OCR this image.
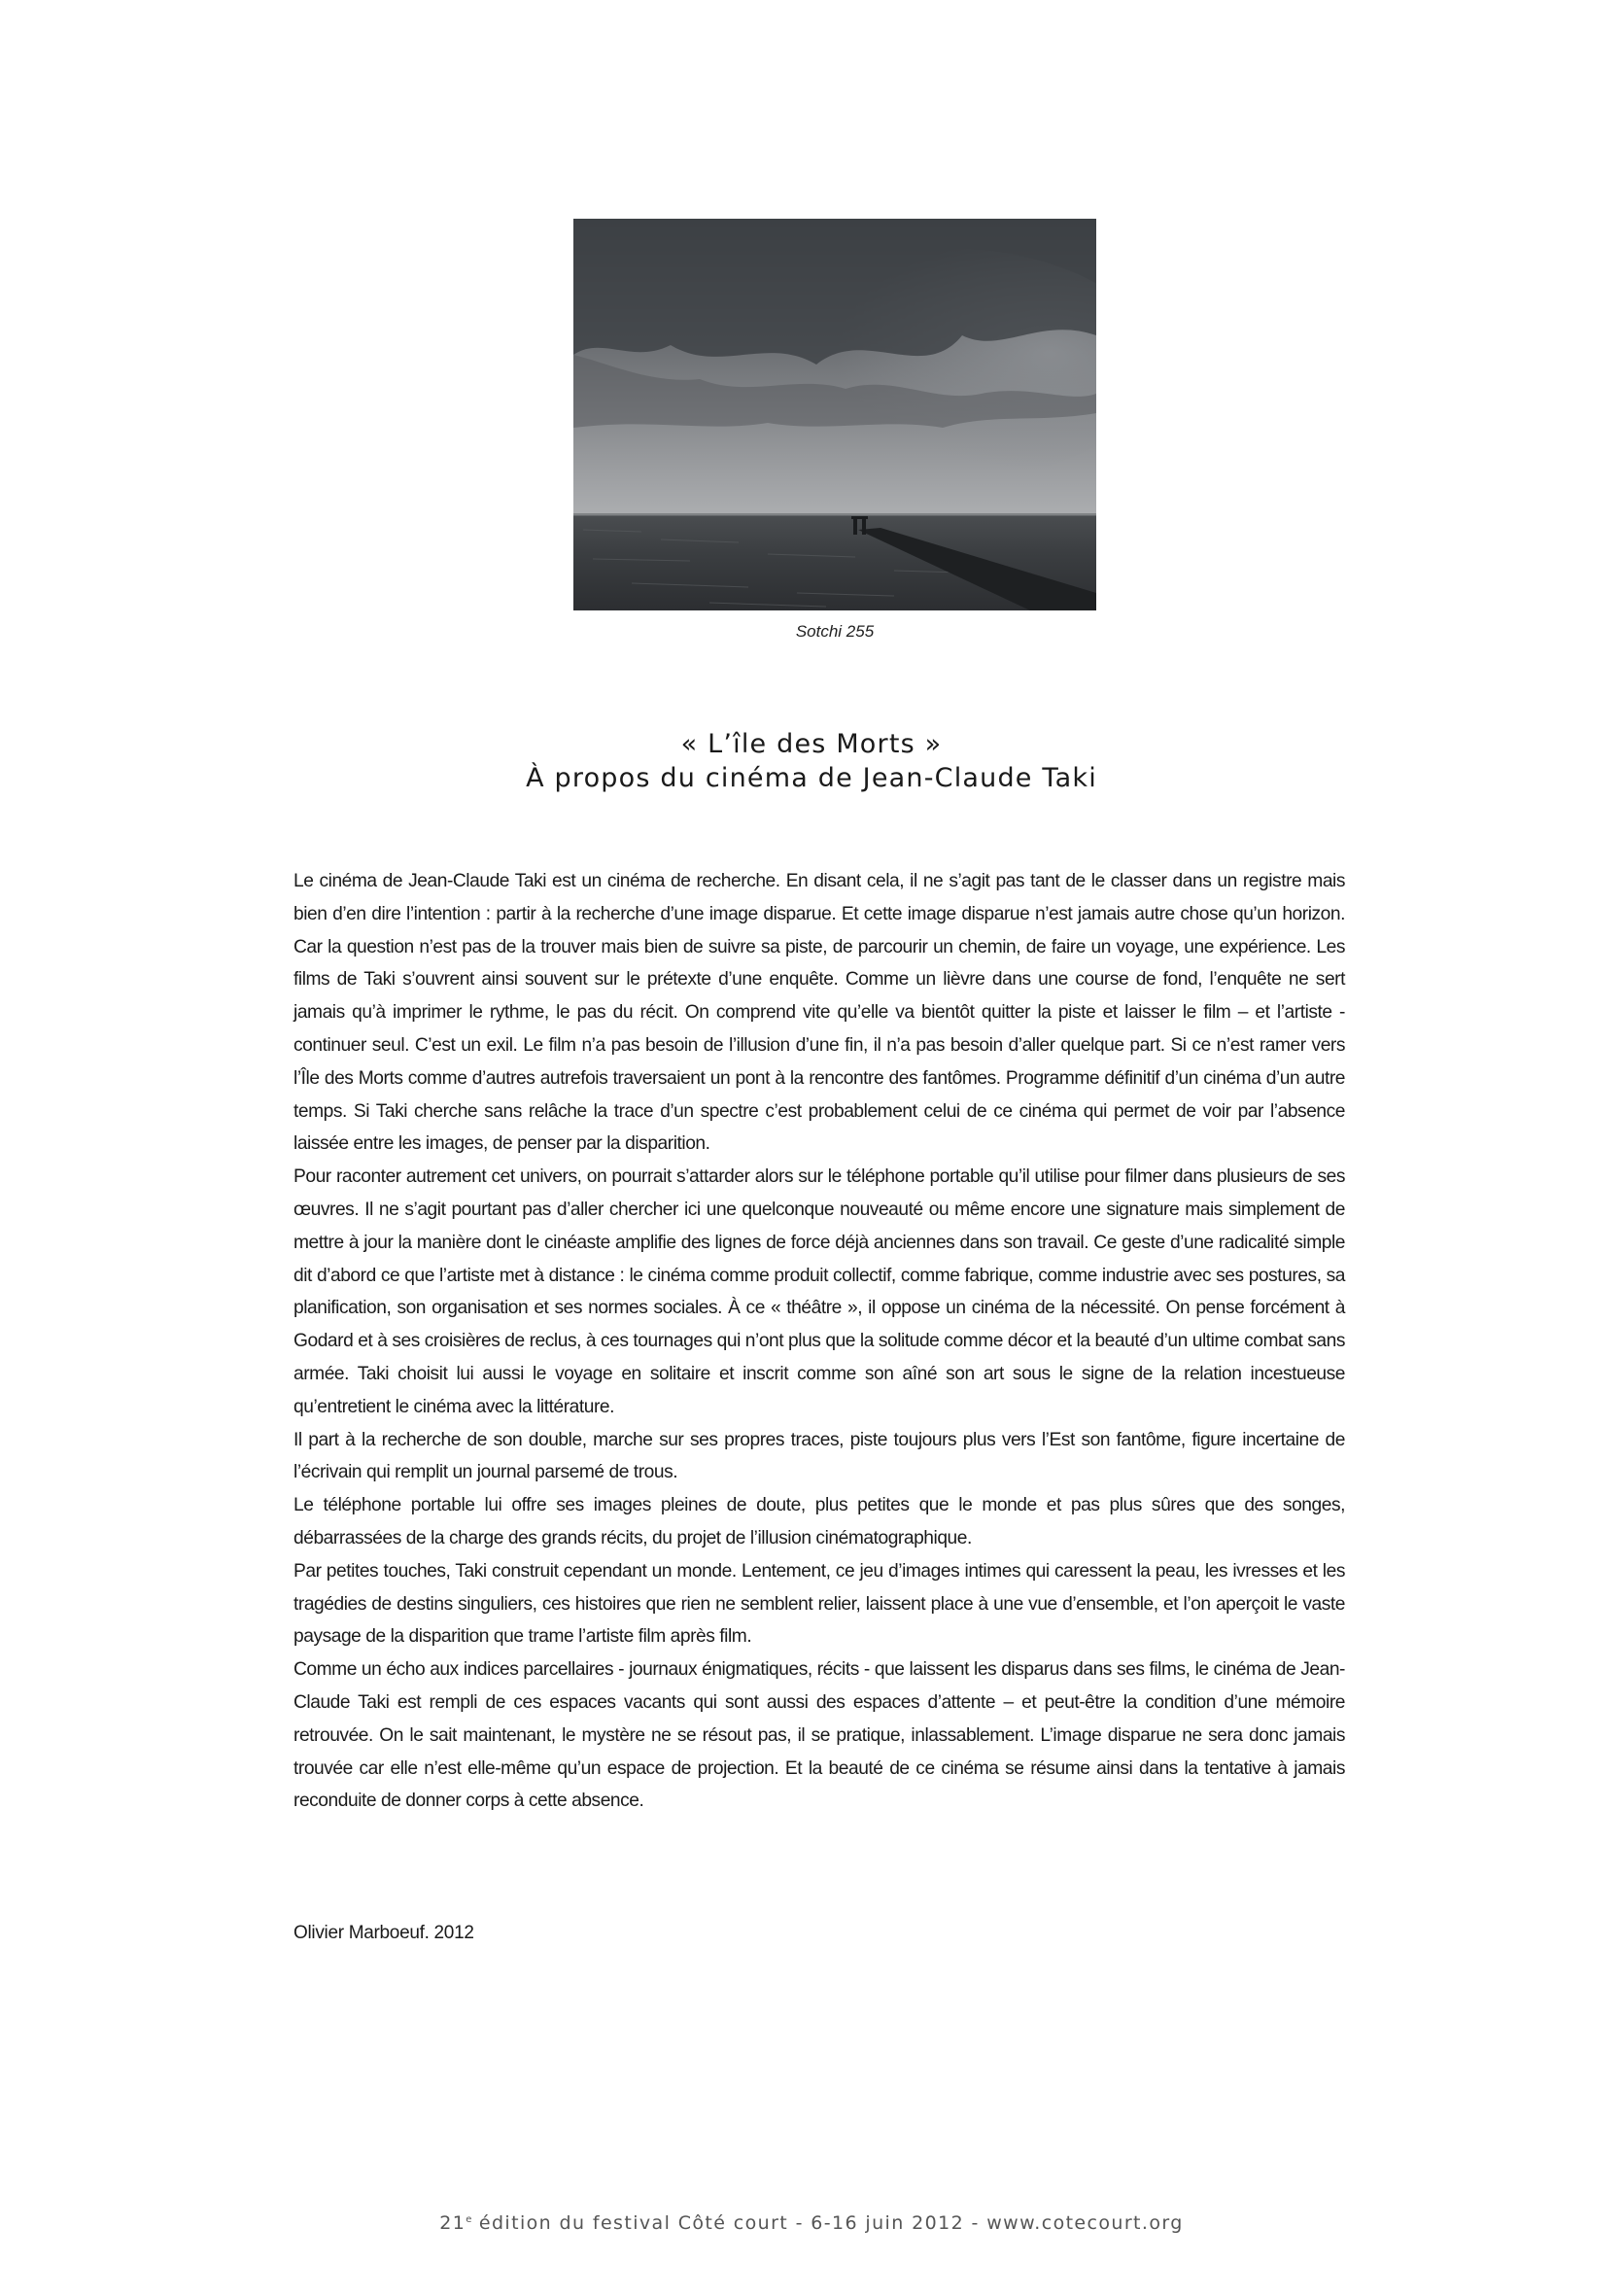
Sotchi 255
« L’île des Morts »
À propos du cinéma de Jean-Claude Taki

Le cinéma de Jean-Claude Taki est un cinéma de recherche. En disant cela, il ne s’agit pas tant de le classer dans un registre mais bien d’en dire l’intention : partir à la recherche d’une image disparue. Et cette image disparue n’est jamais autre chose qu’un horizon. Car la question n’est pas de la trouver mais bien de suivre sa piste, de parcourir un chemin, de faire un voyage, une expérience. Les films de Taki s’ouvrent ainsi souvent sur le prétexte d’une enquête. Comme un lièvre dans une course de fond, l’enquête ne sert jamais qu’à imprimer le rythme, le pas du récit. On comprend vite qu’elle va bientôt quitter la piste et laisser le film – et l’artiste - continuer seul. C’est un exil. Le film n’a pas besoin de l’illusion d’une fin, il n’a pas besoin d’aller quelque part. Si ce n’est ramer vers l’Île des Morts comme d’autres autrefois traversaient un pont à la rencontre des fantômes. Programme définitif d’un cinéma d’un autre temps. Si Taki cherche sans relâche la trace d’un spectre c’est probablement celui de ce cinéma qui permet de voir par l’absence laissée entre les images, de penser par la disparition.

Pour raconter autrement cet univers, on pourrait s’attarder alors sur le téléphone portable qu’il utilise pour filmer dans plusieurs de ses œuvres. Il ne s’agit pourtant pas d’aller chercher ici une quelconque nouveauté ou même encore une signature mais simplement de mettre à jour la manière dont le cinéaste amplifie des lignes de force déjà anciennes dans son travail. Ce geste d’une radicalité simple dit d’abord ce que l’artiste met à distance : le cinéma comme produit collectif, comme fabrique, comme industrie avec ses postures, sa planification, son organisation et ses normes sociales. À ce « théâtre », il oppose un cinéma de la nécessité. On pense forcément à Godard et à ses croisières de reclus, à ces tournages qui n’ont plus que la solitude comme décor et la beauté d’un ultime combat sans armée. Taki choisit lui aussi le voyage en solitaire et inscrit comme son aîné son art sous le signe de la relation incestueuse qu’entretient le cinéma avec la littérature.

Il part à la recherche de son double, marche sur ses propres traces, piste toujours plus vers l’Est son fantôme, figure incertaine de l’écrivain qui remplit un journal parsemé de trous.

Le téléphone portable lui offre ses images pleines de doute, plus petites que le monde et pas plus sûres que des songes, débarrassées de la charge des grands récits, du projet de l’illusion cinématographique.

Par petites touches, Taki construit cependant un monde. Lentement, ce jeu d’images intimes qui caressent la peau, les ivresses et les tragédies de destins singuliers, ces histoires que rien ne semblent relier, laissent place à une vue d’ensemble, et l’on aperçoit le vaste paysage de la disparition que trame l’artiste film après film.

Comme un écho aux indices parcellaires - journaux énigmatiques, récits - que laissent les disparus dans ses films, le cinéma de Jean-Claude Taki est rempli de ces espaces vacants qui sont aussi des espaces d’attente – et peut-être la condition d’une mémoire retrouvée. On le sait maintenant, le mystère ne se résout pas, il se pratique, inlassablement. L’image disparue ne sera donc jamais trouvée car elle n’est elle-même qu’un espace de projection. Et la beauté de ce cinéma se résume ainsi dans la tentative à jamais reconduite de donner corps à cette absence.

Olivier Marboeuf. 2012
21e édition du festival Côté court - 6-16 juin 2012 - www.cotecourt.org
